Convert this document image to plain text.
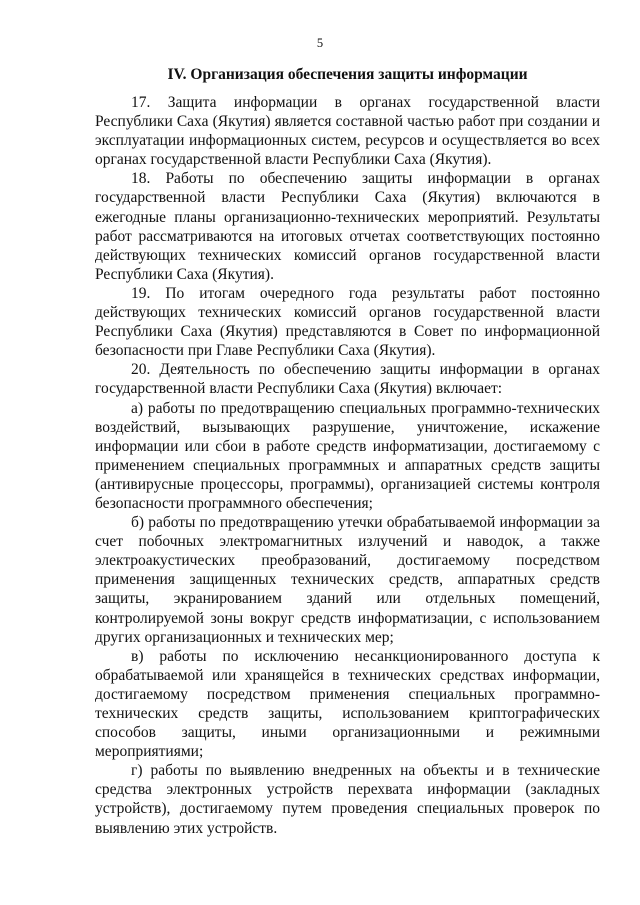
5
IV. Организация обеспечения защиты информации

17. Защита информации в органах государственной власти Республики Саха (Якутия) является составной частью работ при создании и эксплуатации информационных систем, ресурсов и осуществляется во всех органах государственной власти Республики Саха (Якутия).

18. Работы по обеспечению защиты информации в органах государственной власти Республики Саха (Якутия) включаются в ежегодные планы организационно-технических мероприятий. Результаты работ рассматриваются на итоговых отчетах соответствующих постоянно действующих технических комиссий органов государственной власти Республики Саха (Якутия).

19. По итогам очередного года результаты работ постоянно действующих технических комиссий органов государственной власти Республики Саха (Якутия) представляются в Совет по информационной безопасности при Главе Республики Саха (Якутия).

20. Деятельность по обеспечению защиты информации в органах государственной власти Республики Саха (Якутия) включает:

а) работы по предотвращению специальных программно-технических воздействий, вызывающих разрушение, уничтожение, искажение информации или сбои в работе средств информатизации, достигаемому с применением специальных программных и аппаратных средств защиты (антивирусные процессоры, программы), организацией системы контроля безопасности программного обеспечения;

б) работы по предотвращению утечки обрабатываемой информации за счет побочных электромагнитных излучений и наводок, а также электроакустических преобразований, достигаемому посредством применения защищенных технических средств, аппаратных средств защиты, экранированием зданий или отдельных помещений, контролируемой зоны вокруг средств информатизации, с использованием других организационных и технических мер;

в) работы по исключению несанкционированного доступа к обрабатываемой или хранящейся в технических средствах информации, достигаемому посредством применения специальных программно-технических средств защиты, использованием криптографических способов защиты, иными организационными и режимными мероприятиями;

г) работы по выявлению внедренных на объекты и в технические средства электронных устройств перехвата информации (закладных устройств), достигаемому путем проведения специальных проверок по выявлению этих устройств.
